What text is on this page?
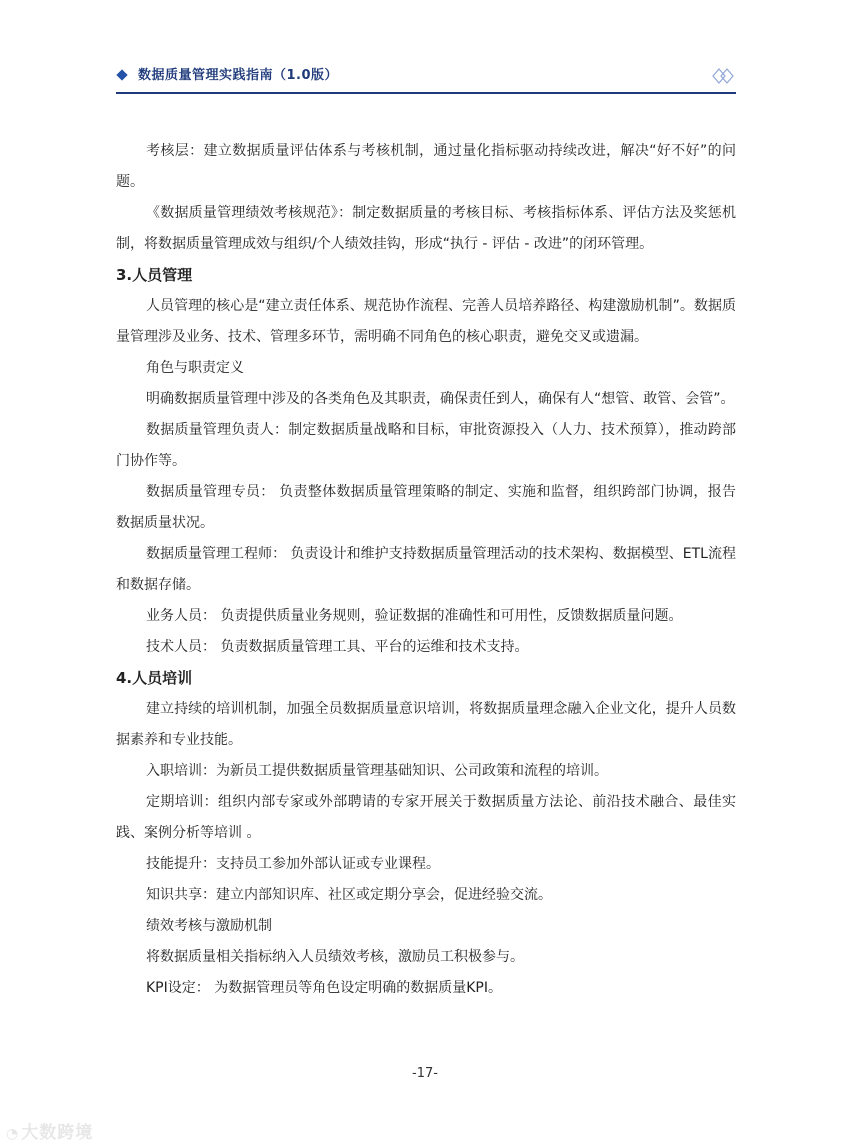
数据质量管理实践指南（1.0版）

考核层：建立数据质量评估体系与考核机制，通过量化指标驱动持续改进，解决“好不好”的问题。

《数据质量管理绩效考核规范》：制定数据质量的考核目标、考核指标体系、评估方法及奖惩机制，将数据质量管理成效与组织/个人绩效挂钩，形成“执行 - 评估 - 改进”的闭环管理。

3.人员管理

人员管理的核心是“建立责任体系、规范协作流程、完善人员培养路径、构建激励机制”。数据质量管理涉及业务、技术、管理多环节，需明确不同角色的核心职责，避免交叉或遗漏。

角色与职责定义

明确数据质量管理中涉及的各类角色及其职责，确保责任到人，确保有人“想管、敢管、会管”。

数据质量管理负责人：制定数据质量战略和目标，审批资源投入（人力、技术预算），推动跨部门协作等。

数据质量管理专员： 负责整体数据质量管理策略的制定、实施和监督，组织跨部门协调，报告数据质量状况。

数据质量管理工程师： 负责设计和维护支持数据质量管理活动的技术架构、数据模型、ETL流程和数据存储。

业务人员： 负责提供质量业务规则，验证数据的准确性和可用性，反馈数据质量问题。

技术人员： 负责数据质量管理工具、平台的运维和技术支持。

4.人员培训

建立持续的培训机制，加强全员数据质量意识培训，将数据质量理念融入企业文化，提升人员数据素养和专业技能。

入职培训：为新员工提供数据质量管理基础知识、公司政策和流程的培训。

定期培训：组织内部专家或外部聘请的专家开展关于数据质量方法论、前沿技术融合、最佳实践、案例分析等培训 。

技能提升：支持员工参加外部认证或专业课程。

知识共享：建立内部知识库、社区或定期分享会，促进经验交流。

绩效考核与激励机制

将数据质量相关指标纳入人员绩效考核，激励员工积极参与。

KPI设定： 为数据管理员等角色设定明确的数据质量KPI。

-17-
◔ 大数跨境
